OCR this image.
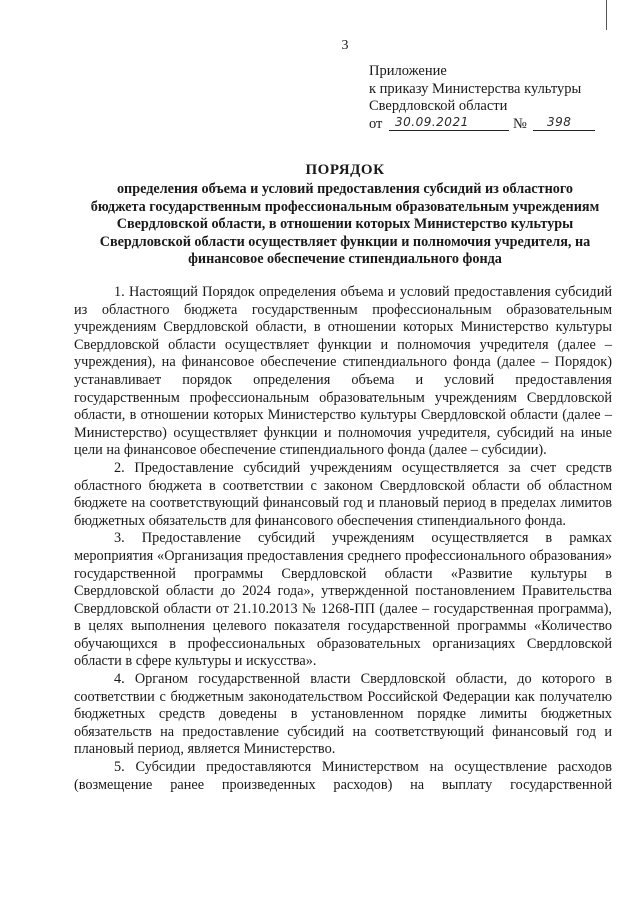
3
Приложение
к приказу Министерства культуры
Свердловской области
от 30.09.2021	№ 398
ПОРЯДОК
определения объема и условий предоставления субсидий из областного бюджета государственным профессиональным образовательным учреждениям Свердловской области, в отношении которых Министерство культуры Свердловской области осуществляет функции и полномочия учредителя, на финансовое обеспечение стипендиального фонда

1. Настоящий Порядок определения объема и условий предоставления субсидий из областного бюджета государственным профессиональным образовательным учреждениям Свердловской области, в отношении которых Министерство культуры Свердловской области осуществляет функции и полномочия учредителя (далее – учреждения), на финансовое обеспечение стипендиального фонда (далее – Порядок) устанавливает порядок определения объема и условий предоставления государственным профессиональным образовательным учреждениям Свердловской области, в отношении которых Министерство культуры Свердловской области (далее – Министерство) осуществляет функции и полномочия учредителя, субсидий на иные цели на финансовое обеспечение стипендиального фонда (далее – субсидии).

2. Предоставление субсидий учреждениям осуществляется за счет средств областного бюджета в соответствии с законом Свердловской области об областном бюджете на соответствующий финансовый год и плановый период в пределах лимитов бюджетных обязательств для финансового обеспечения стипендиального фонда.

3. Предоставление субсидий учреждениям осуществляется в рамках мероприятия «Организация предоставления среднего профессионального образования» государственной программы Свердловской области «Развитие культуры в Свердловской области до 2024 года», утвержденной постановлением Правительства Свердловской области от 21.10.2013 № 1268-ПП (далее – государственная программа), в целях выполнения целевого показателя государственной программы «Количество обучающихся в профессиональных образовательных организациях Свердловской области в сфере культуры и искусства».

4. Органом государственной власти Свердловской области, до которого в соответствии с бюджетным законодательством Российской Федерации как получателю бюджетных средств доведены в установленном порядке лимиты бюджетных обязательств на предоставление субсидий на соответствующий финансовый год и плановый период, является Министерство.

5. Субсидии предоставляются Министерством на осуществление расходов (возмещение ранее произведенных расходов) на выплату государственной
